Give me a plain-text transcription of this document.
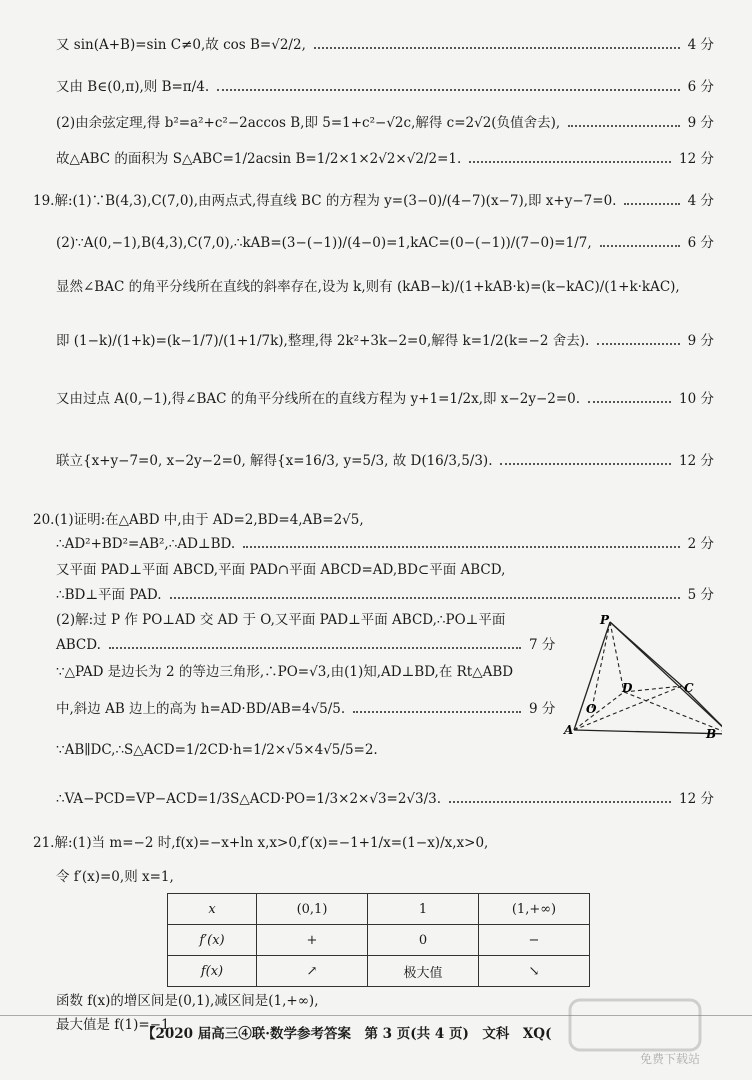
又 sin(A+B)=sin C≠0,故 cos B=√2/2,	4 分
又由 B∈(0,π),则 B=π/4.	6 分
(2)由余弦定理,得 b²=a²+c²−2accos B,即 5=1+c²−√2c,解得 c=2√2(负值舍去),	9 分
故△ABC 的面积为 S△ABC=1/2acsin B=1/2×1×2√2×√2/2=1.	12 分
19.解:(1)∵B(4,3),C(7,0),由两点式,得直线 BC 的方程为 y=(3−0)/(4−7)(x−7),即 x+y−7=0.	4 分
(2)∵A(0,−1),B(4,3),C(7,0),∴kAB=(3−(−1))/(4−0)=1,kAC=(0−(−1))/(7−0)=1/7,	6 分
显然∠BAC 的角平分线所在直线的斜率存在,设为 k,则有 (kAB−k)/(1+kAB·k)=(k−kAC)/(1+k·kAC),
即 (1−k)/(1+k)=(k−1/7)/(1+1/7k),整理,得 2k²+3k−2=0,解得 k=1/2(k=−2 舍去).	9 分
又由过点 A(0,−1),得∠BAC 的角平分线所在的直线方程为 y+1=1/2x,即 x−2y−2=0.	10 分
联立{x+y−7=0, x−2y−2=0, 解得{x=16/3, y=5/3, 故 D(16/3,5/3).	12 分
20.(1)证明:在△ABD 中,由于 AD=2,BD=4,AB=2√5,
∴AD²+BD²=AB²,∴AD⊥BD.	2 分
又平面 PAD⊥平面 ABCD,平面 PAD∩平面 ABCD=AD,BD⊂平面 ABCD,
∴BD⊥平面 PAD.	5 分
(2)解:过 P 作 PO⊥AD 交 AD 于 O,又平面 PAD⊥平面 ABCD,∴PO⊥平面
ABCD.	7 分
∵△PAD 是边长为 2 的等边三角形,∴PO=√3,由(1)知,AD⊥BD,在 Rt△ABD
中,斜边 AB 边上的高为 h=AD·BD/AB=4√5/5.	9 分
∵AB∥DC,∴S△ACD=1/2CD·h=1/2×√5×4√5/5=2.
∴VA−PCD=VP−ACD=1/3S△ACD·PO=1/3×2×√3=2√3/3.	12 分
21.解:(1)当 m=−2 时,f(x)=−x+ln x,x>0,f′(x)=−1+1/x=(1−x)/x,x>0,
令 f′(x)=0,则 x=1,
函数 f(x)的增区间是(0,1),减区间是(1,+∞),
最大值是 f(1)=−1.
x	(0,1)	1	(1,+∞)
f′(x)	+	0	−
f(x)	↗	极大值	↘
P
D	C
O
A	B
【2020 届高三④联·数学参考答案　第 3 页(共 4 页)　文科　XQ(
免费下载站
